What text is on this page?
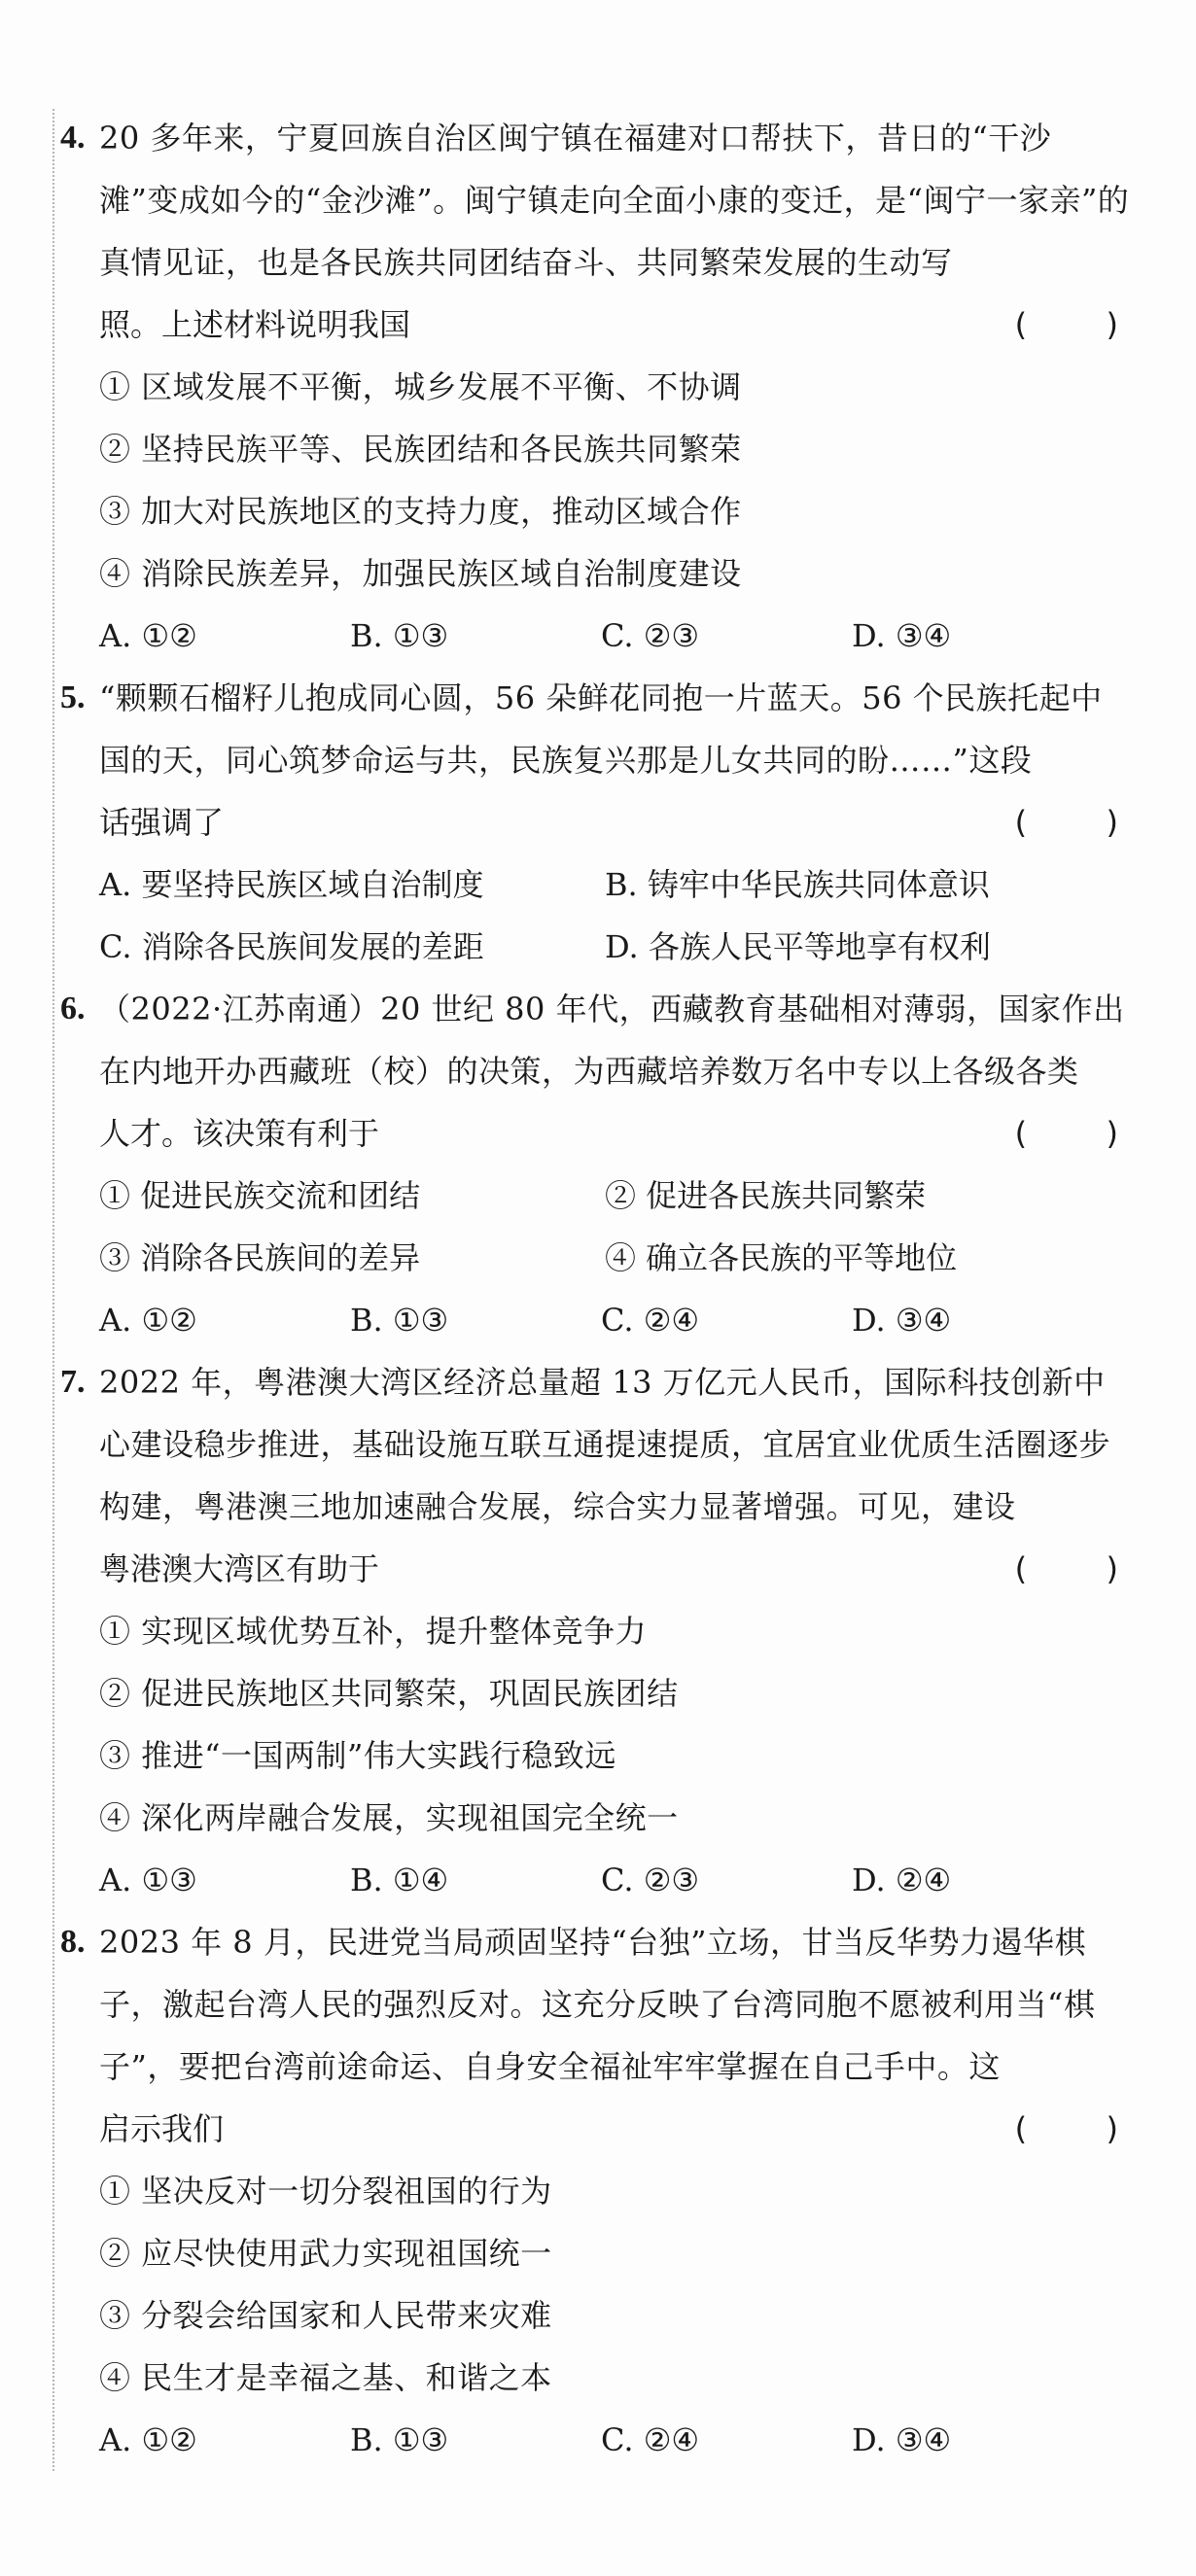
4. 20 多年来，宁夏回族自治区闽宁镇在福建对口帮扶下，昔日的“干沙滩”变成如今的“金沙滩”。闽宁镇走向全面小康的变迁，是“闽宁一家亲”的真情见证，也是各民族共同团结奋斗、共同繁荣发展的生动写
照。上述材料说明我国	(        )
① 区域发展不平衡，城乡发展不平衡、不协调
② 坚持民族平等、民族团结和各民族共同繁荣
③ 加大对民族地区的支持力度，推动区域合作
④ 消除民族差异，加强民族区域自治制度建设
A. ①②	B. ①③	C. ②③	D. ③④
5. “颗颗石榴籽儿抱成同心圆，56 朵鲜花同抱一片蓝天。56 个民族托起中国的天，同心筑梦命运与共，民族复兴那是儿女共同的盼……”这段
话强调了	(        )
A. 要坚持民族区域自治制度	B. 铸牢中华民族共同体意识
C. 消除各民族间发展的差距	D. 各族人民平等地享有权利
6. （2022·江苏南通）20 世纪 80 年代，西藏教育基础相对薄弱，国家作出在内地开办西藏班（校）的决策，为西藏培养数万名中专以上各级各类
人才。该决策有利于	(        )
① 促进民族交流和团结	② 促进各民族共同繁荣
③ 消除各民族间的差异	④ 确立各民族的平等地位
A. ①②	B. ①③	C. ②④	D. ③④
7. 2022 年，粤港澳大湾区经济总量超 13 万亿元人民币，国际科技创新中心建设稳步推进，基础设施互联互通提速提质，宜居宜业优质生活圈逐步构建，粤港澳三地加速融合发展，综合实力显著增强。可见，建设
粤港澳大湾区有助于	(        )
① 实现区域优势互补，提升整体竞争力
② 促进民族地区共同繁荣，巩固民族团结
③ 推进“一国两制”伟大实践行稳致远
④ 深化两岸融合发展，实现祖国完全统一
A. ①③	B. ①④	C. ②③	D. ②④
8. 2023 年 8 月，民进党当局顽固坚持“台独”立场，甘当反华势力遏华棋子，激起台湾人民的强烈反对。这充分反映了台湾同胞不愿被利用当“棋子”，要把台湾前途命运、自身安全福祉牢牢掌握在自己手中。这
启示我们	(        )
① 坚决反对一切分裂祖国的行为
② 应尽快使用武力实现祖国统一
③ 分裂会给国家和人民带来灾难
④ 民生才是幸福之基、和谐之本
A. ①②	B. ①③	C. ②④	D. ③④
